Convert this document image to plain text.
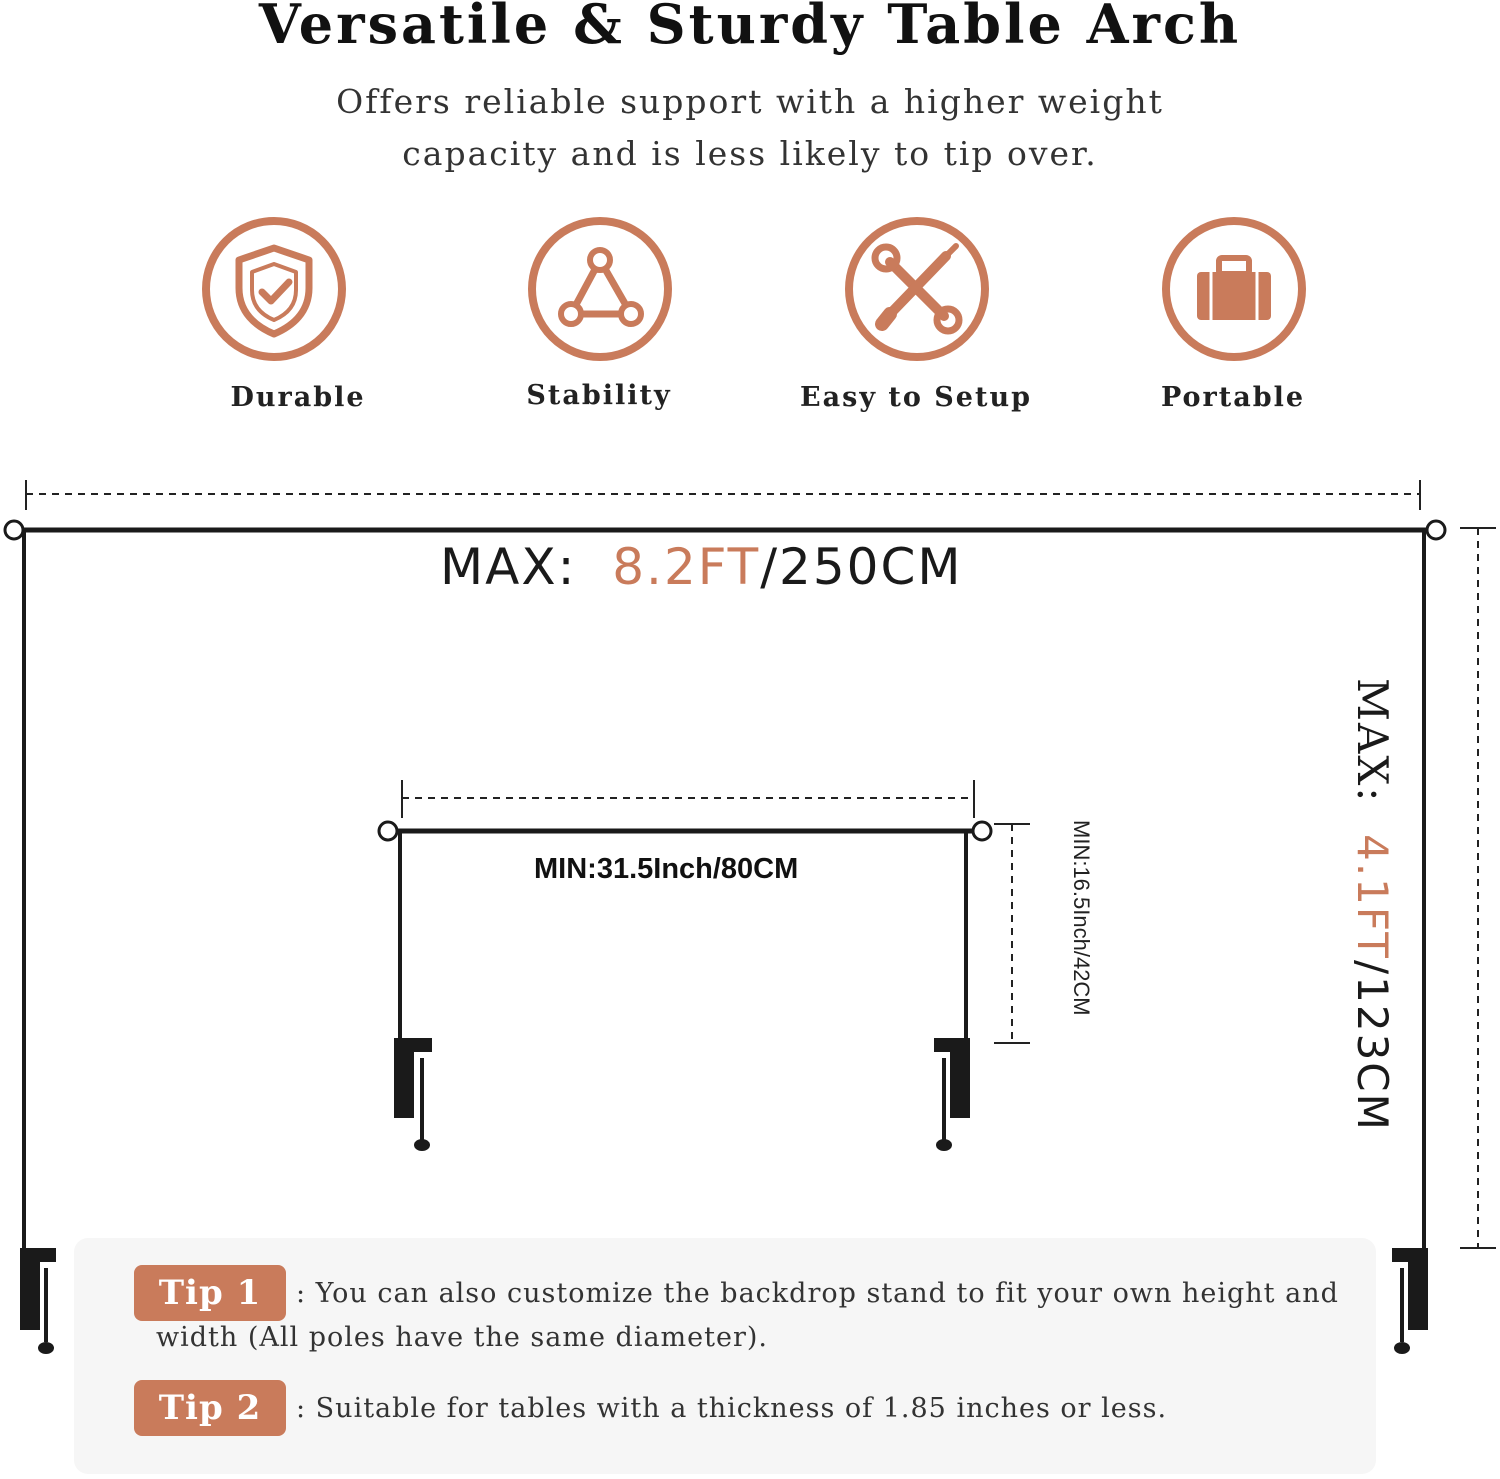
Versatile & Sturdy Table Arch
Offers reliable support with a higher weight
capacity and is less likely to tip over.
Durable	Stability	Easy to Setup	Portable
MAX: 8.2FT/250CM
MIN:31.5Inch/80CM	MIN:16.5Inch/42CM
MAX:  4.1FT/123CM
Tip 1	: You can also customize the backdrop stand to fit your own height and
width (All poles have the same diameter).
Tip 2	: Suitable for tables with a thickness of 1.85 inches or less.
